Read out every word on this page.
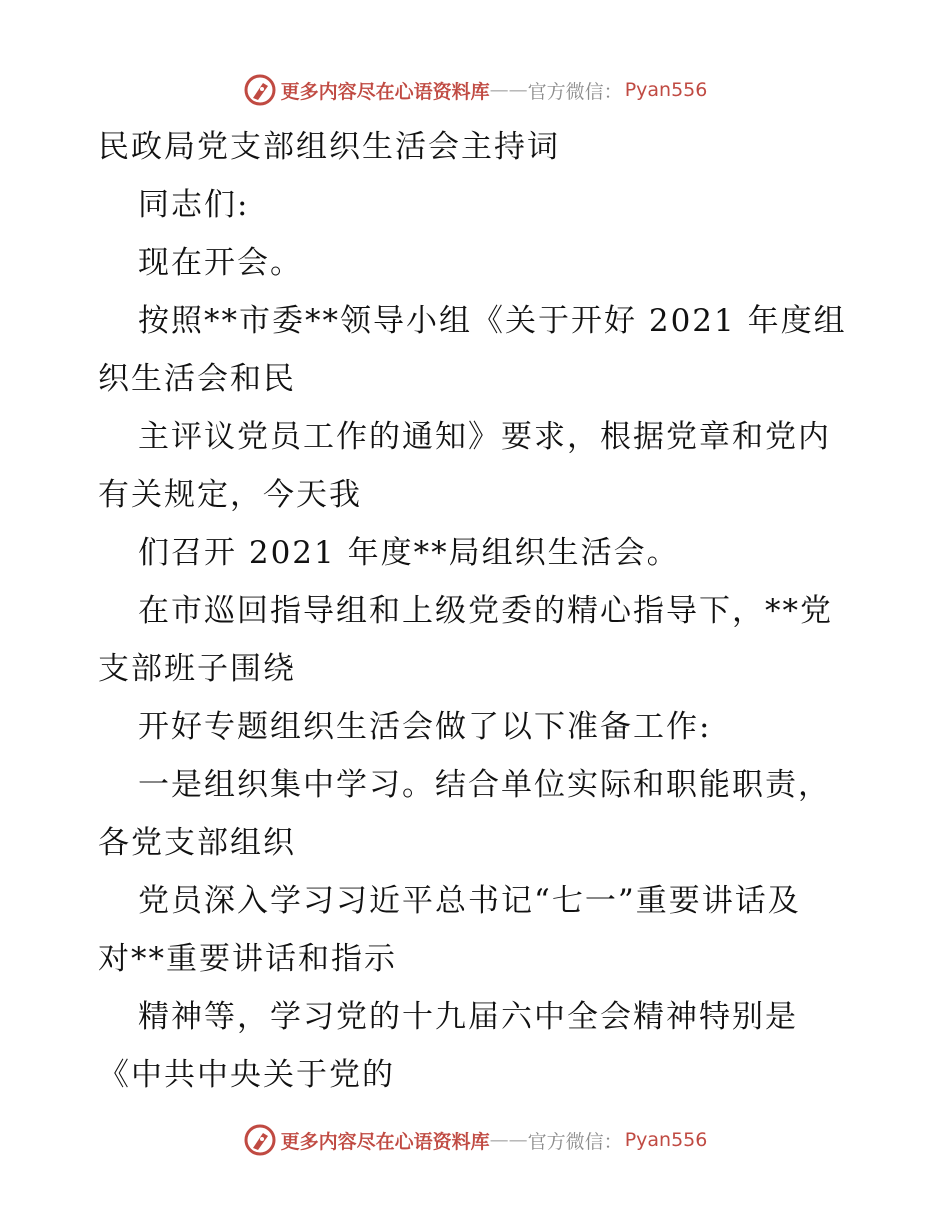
更多内容尽在心语资料库 —— 官方微信： Pyan556
民政局党支部组织生活会主持词
同志们:
现在开会。
按照**市委**领导小组《关于开好 2021 年度组
织生活会和民
主评议党员工作的通知》要求，根据党章和党内
有关规定，今天我
们召开 2021 年度**局组织生活会。
在市巡回指导组和上级党委的精心指导下，**党
支部班子围绕
开好专题组织生活会做了以下准备工作:
一是组织集中学习。结合单位实际和职能职责，
各党支部组织
党员深入学习习近平总书记“七一”重要讲话及
对**重要讲话和指示
精神等，学习党的十九届六中全会精神特别是
《中共中央关于党的
更多内容尽在心语资料库 —— 官方微信： Pyan556
